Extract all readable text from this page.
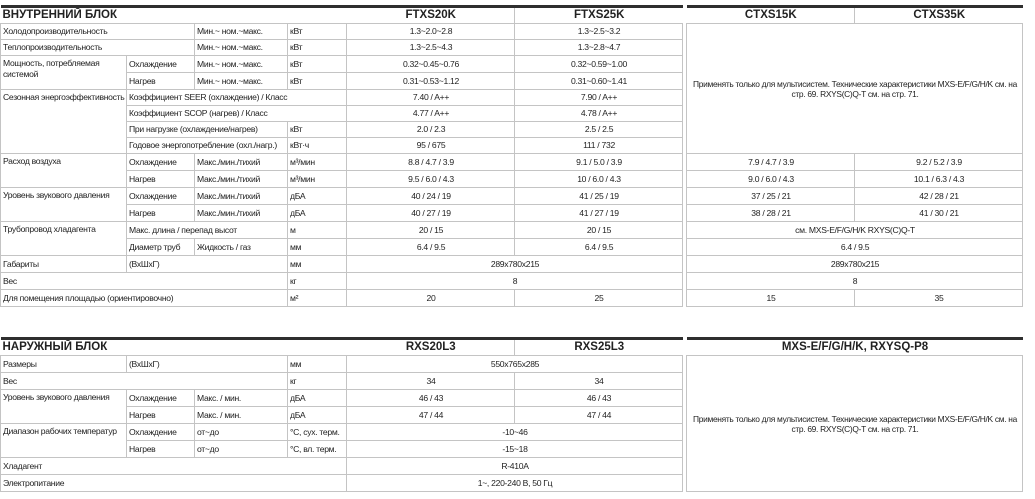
ВНУТРЕННИЙ БЛОК				FTXS20K	FTXS25K		CTXS15K	CTXS35K
Холодопроизводительность		Мин.~ ном.~макс.	кВт	1.3~2.0~2.8	1.3~2.5~3.2		Применять только для мультисистем. Технические характеристики MXS-E/F/G/H/K см. на стр. 69. RXYS(C)Q-T см. на стр. 71.	
Теплопроизводительность		Мин.~ ном.~макс.	кВт	1.3~2.5~4.3	1.3~2.8~4.7			
Мощность, потребляемая системой	Охлаждение	Мин.~ ном.~макс.	кВт	0.32~0.45~0.76	0.32~0.59~1.00			
	Нагрев	Мин.~ ном.~макс.	кВт	0.31~0.53~1.12	0.31~0.60~1.41			
Сезонная энергоэффективность	Коэффициент SEER (охлаждение) / Класс			7.40 / A++	7.90 / A++			
	Коэффициент SCOP (нагрев) / Класс			4.77 / A++	4.78 / A++			
	При нагрузке (охлаждение/нагрев)		кВт	2.0 / 2.3	2.5 / 2.5			
	Годовое энергопотребление (охл./нагр.)		кВт·ч	95 / 675	111 / 732			
Расход воздуха	Охлаждение	Макс./мин./тихий	м³/мин	8.8 / 4.7 / 3.9	9.1 / 5.0 / 3.9		7.9 / 4.7 / 3.9	9.2 / 5.2 / 3.9
	Нагрев	Макс./мин./тихий	м³/мин	9.5 / 6.0 / 4.3	10 / 6.0 / 4.3		9.0 / 6.0 / 4.3	10.1 / 6.3 / 4.3
Уровень звукового давления	Охлаждение	Макс./мин./тихий	дБА	40 / 24 / 19	41 / 25 / 19		37 / 25 / 21	42 / 28 / 21
	Нагрев	Макс./мин./тихий	дБА	40 / 27 / 19	41 / 27 / 19		38 / 28 / 21	41 / 30 / 21
Трубопровод хладагента	Макс. длина / перепад высот		м	20 / 15	20 / 15		см. MXS-E/F/G/H/K RXYS(C)Q-T	
	Диаметр труб	Жидкость / газ	мм	6.4 / 9.5	6.4 / 9.5		6.4 / 9.5	
Габариты	(ВхШхГ)		мм	289x780x215			289x780x215	
Вес			кг	8			8	
Для помещения площадью (ориентировочно)			м²	20	25		15	35
НАРУЖНЫЙ БЛОК				RXS20L3	RXS25L3		MXS-E/F/G/H/K, RXYSQ-P8
Размеры	(ВхШхГ)		мм	550x765x285			Применять только для мультисистем. Технические характеристики MXS-E/F/G/H/K см. на стр. 69. RXYS(C)Q-T см. на стр. 71.
Вес			кг	34	34		
Уровень звукового давления	Охлаждение	Макс. / мин.	дБА	46 / 43	46 / 43		
	Нагрев	Макс. / мин.	дБА	47 / 44	47 / 44		
Диапазон рабочих температур	Охлаждение	от~до	°C, сух. терм.	-10~46			
	Нагрев	от~до	°C, вл. терм.	-15~18			
Хладагент				R-410A			
Электропитание				1~, 220-240 В, 50 Гц			
